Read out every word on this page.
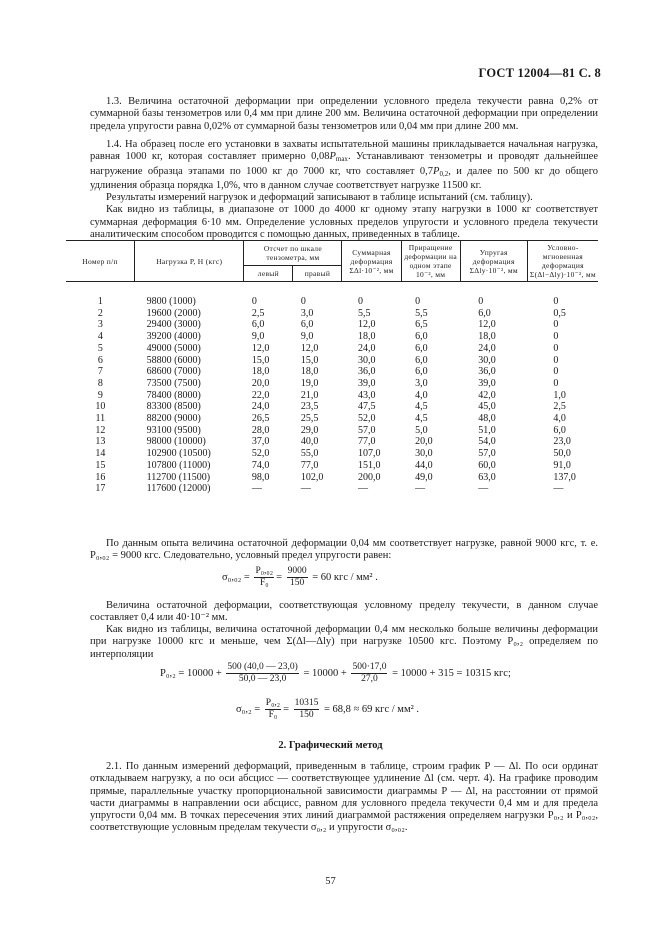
ГОСТ 12004—81 С. 8

1.3. Величина остаточной деформации при определении условного предела текучести равна 0,2% от суммарной базы тензометров или 0,4 мм при длине 200 мм. Величина остаточной деформации при определении предела упругости равна 0,02% от суммарной базы тензометров или 0,04 мм при длине 200 мм.

1.4. На образец после его установки в захваты испытательной машины прикладывается начальная нагрузка, равная 1000 кг, которая составляет примерно $0,08P_{max}$. Устанавливают тензометры и проводят дальнейшее нагружение образца этапами по 1000 кг до 7000 кг, что составляет $0,7P_{0,2}$, и далее по 500 кг до общего удлинения образца порядка 1,0%, что в данном случае соответствует нагрузке 11500 кг.

Результаты измерений нагрузок и деформаций записывают в таблице испытаний (см. таблицу).

Как видно из таблицы, в диапазоне от 1000 до 4000 кг одному этапу нагрузки в 1000 кг соответствует суммарная деформация 6·10 мм. Определение условных пределов упругости и условного предела текучести аналитическим способом проводится с помощью данных, приведенных в таблице.

Номер п/п	Нагрузка P, Н (кгс)	Отсчет по шкале тензометра, мм		Суммарная деформация ΣΔl·10⁻², мм	Приращение деформации на одном этапе 10⁻², мм	Упругая деформация ΣΔlу·10⁻², мм	Условно-мгновенная деформация Σ(Δl−Δlу)·10⁻², мм
		левый	правый				
1	9800 (1000)	0	0	0	0	0	0
2	19600 (2000)	2,5	3,0	5,5	5,5	6,0	0,5
3	29400 (3000)	6,0	6,0	12,0	6,5	12,0	0
4	39200 (4000)	9,0	9,0	18,0	6,0	18,0	0
5	49000 (5000)	12,0	12,0	24,0	6,0	24,0	0
6	58800 (6000)	15,0	15,0	30,0	6,0	30,0	0
7	68600 (7000)	18,0	18,0	36,0	6,0	36,0	0
8	73500 (7500)	20,0	19,0	39,0	3,0	39,0	0
9	78400 (8000)	22,0	21,0	43,0	4,0	42,0	1,0
10	83300 (8500)	24,0	23,5	47,5	4,5	45,0	2,5
11	88200 (9000)	26,5	25,5	52,0	4,5	48,0	4,0
12	93100 (9500)	28,0	29,0	57,0	5,0	51,0	6,0
13	98000 (10000)	37,0	40,0	77,0	20,0	54,0	23,0
14	102900 (10500)	52,0	55,0	107,0	30,0	57,0	50,0
15	107800 (11000)	74,0	77,0	151,0	44,0	60,0	91,0
16	112700 (11500)	98,0	102,0	200,0	49,0	63,0	137,0
17	117600 (12000)	—	—	—	—	—	—

По данным опыта величина остаточной деформации 0,04 мм соответствует нагрузке, равной 9000 кгс, т. е. P₀,₀₂ = 9000 кгс. Следовательно, условный предел упругости равен:

$\sigma_0,_{02} = \frac{\text{P₀,₀₂}}{\text{F₀}} = \frac{9000}{150} = 60$ кгс / мм² .

Величина остаточной деформации, соответствующая условному пределу текучести, в данном случае составляет 0,4 или 40·10⁻² мм.

Как видно из таблицы, величина остаточной деформации 0,4 мм несколько больше величины деформации при нагрузке 10000 кгс и меньше, чем Σ(Δl—Δlу) при нагрузке 10500 кгс. Поэтому P₀,₂ определяем по интерполяции

$P_0,_2 = 10000 + \frac{500 (40,0 — 23,0)}{50,0 — 23,0} = 10000 + \frac{500\cdot 17,0}{27,0} = 10000 + 315 = 10315$ кгс;
$\sigma_0,_2 = \frac{\text{P₀,₂}}{\text{F₀}} = \frac{10315}{150} = 68,8 \approx 69$ кгс / мм² .
2. Графический метод

2.1. По данным измерений деформаций, приведенным в таблице, строим график P — Δl. По оси ординат откладываем нагрузку, а по оси абсцисс — соответствующее удлинение Δl (см. черт. 4). На графике проводим прямые, параллельные участку пропорциональной зависимости диаграммы P — Δl, на расстоянии от прямой части диаграммы в направлении оси абсцисс, равном для условного предела текучести 0,4 мм и для предела упругости 0,04 мм. В точках пересечения этих линий диаграммой растяжения определяем нагрузки P₀,₂ и P₀,₀₂, соответствующие условным пределам текучести σ₀,₂ и упругости σ₀,₀₂.

57
